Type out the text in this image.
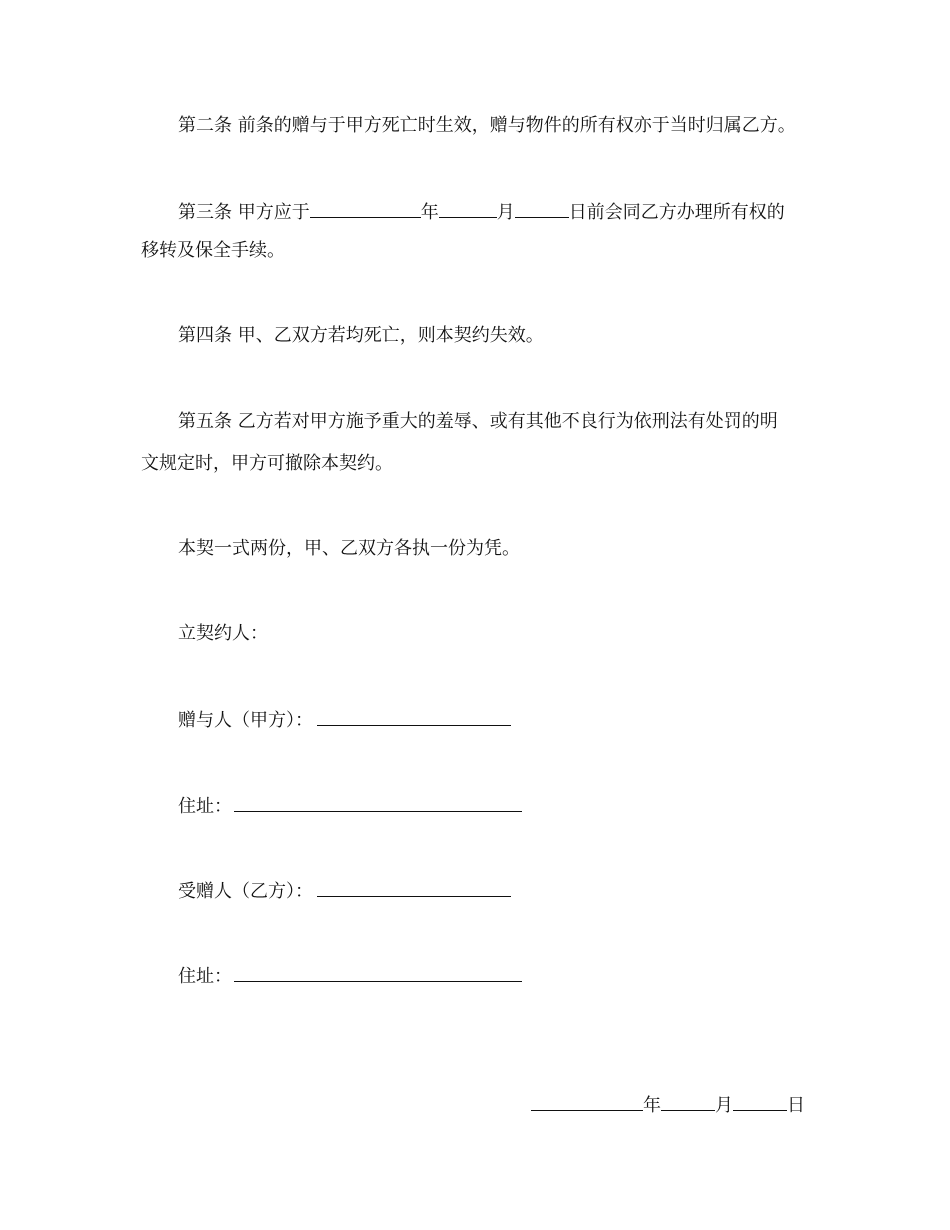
第二条 前条的赠与于甲方死亡时生效，赠与物件的所有权亦于当时归属乙方。
第三条 甲方应于	年	月	日前会同乙方办理所有权的
移转及保全手续。
第四条 甲、乙双方若均死亡，则本契约失效。
第五条 乙方若对甲方施予重大的羞辱、或有其他不良行为依刑法有处罚的明
文规定时，甲方可撤除本契约。
本契一式两份，甲、乙双方各执一份为凭。
立契约人：
赠与人（甲方）：
住址：
受赠人（乙方）：
住址：
年	月	日
